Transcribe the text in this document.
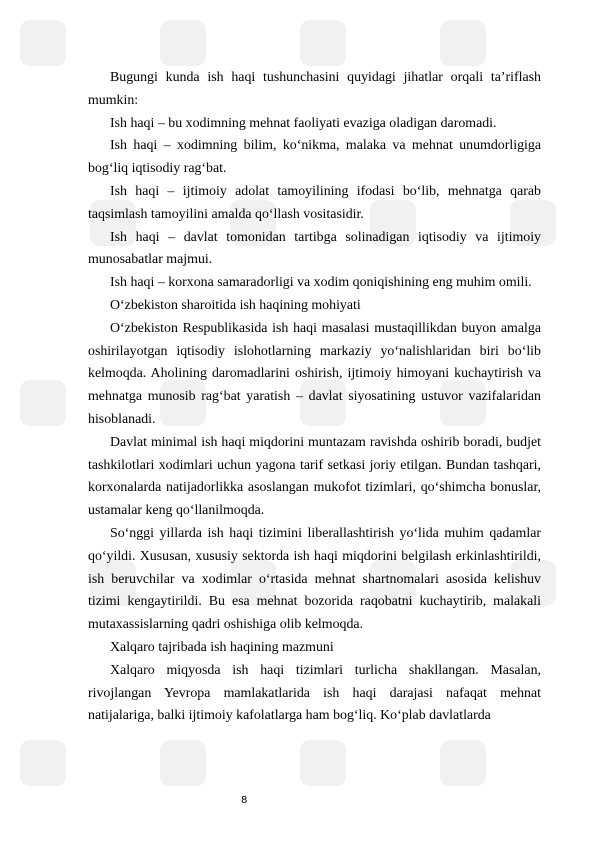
Bugungi kunda ish haqi tushunchasini quyidagi jihatlar orqali ta’riflash mumkin:

Ish haqi – bu xodimning mehnat faoliyati evaziga oladigan daromadi.

Ish haqi – xodimning bilim, ko‘nikma, malaka va mehnat unumdorligiga bog‘liq iqtisodiy rag‘bat.

Ish haqi – ijtimoiy adolat tamoyilining ifodasi bo‘lib, mehnatga qarab taqsimlash tamoyilini amalda qo‘llash vositasidir.

Ish haqi – davlat tomonidan tartibga solinadigan iqtisodiy va ijtimoiy munosabatlar majmui.

Ish haqi – korxona samaradorligi va xodim qoniqishining eng muhim omili.

O‘zbekiston sharoitida ish haqining mohiyati

O‘zbekiston Respublikasida ish haqi masalasi mustaqillikdan buyon amalga oshirilayotgan iqtisodiy islohotlarning markaziy yo‘nalishlaridan biri bo‘lib kelmoqda. Aholining daromadlarini oshirish, ijtimoiy himoyani kuchaytirish va mehnatga munosib rag‘bat yaratish – davlat siyosatining ustuvor vazifalaridan hisoblanadi.

Davlat minimal ish haqi miqdorini muntazam ravishda oshirib boradi, budjet tashkilotlari xodimlari uchun yagona tarif setkasi joriy etilgan. Bundan tashqari, korxonalarda natijadorlikka asoslangan mukofot tizimlari, qo‘shimcha bonuslar, ustamalar keng qo‘llanilmoqda.

So‘nggi yillarda ish haqi tizimini liberallashtirish yo‘lida muhim qadamlar qo‘yildi. Xususan, xususiy sektorda ish haqi miqdorini belgilash erkinlashtirildi, ish beruvchilar va xodimlar o‘rtasida mehnat shartnomalari asosida kelishuv tizimi kengaytirildi. Bu esa mehnat bozorida raqobatni kuchaytirib, malakali mutaxassislarning qadri oshishiga olib kelmoqda.

Xalqaro tajribada ish haqining mazmuni

Xalqaro miqyosda ish haqi tizimlari turlicha shakllangan. Masalan, rivojlangan Yevropa mamlakatlarida ish haqi darajasi nafaqat mehnat natijalariga, balki ijtimoiy kafolatlarga ham bog‘liq. Ko‘plab davlatlarda

8
